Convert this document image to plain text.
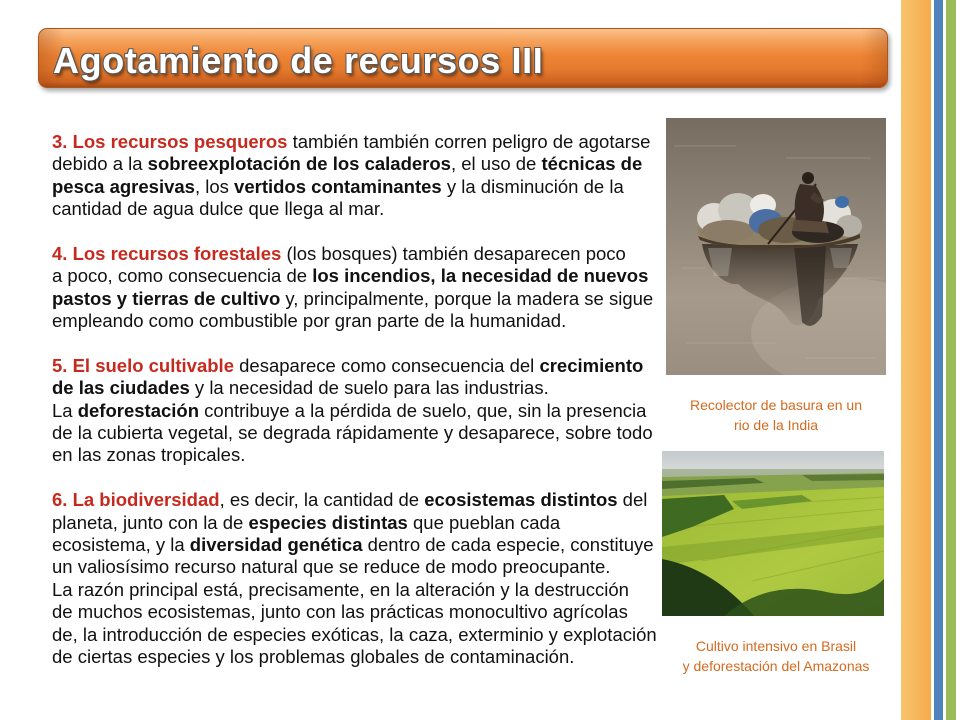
Agotamiento de recursos III
3. Los recursos pesqueros también también corren peligro de agotarse
debido a la sobreexplotación de los caladeros, el uso de técnicas de
pesca agresivas, los vertidos contaminantes y la disminución de la
cantidad de agua dulce que llega al mar.
4. Los recursos forestales (los bosques) también desaparecen poco
a poco, como consecuencia de los incendios, la necesidad de nuevos
pastos y tierras de cultivo y, principalmente, porque la madera se sigue
empleando como combustible por gran parte de la humanidad.
5. El suelo cultivable desaparece como consecuencia del crecimiento
de las ciudades y la necesidad de suelo para las industrias.
La deforestación contribuye a la pérdida de suelo, que, sin la presencia
de la cubierta vegetal, se degrada rápidamente y desaparece, sobre todo
en las zonas tropicales.
6. La biodiversidad, es decir, la cantidad de ecosistemas distintos del
planeta, junto con la de especies distintas que pueblan cada
ecosistema, y la diversidad genética dentro de cada especie, constituye
un valiosísimo recurso natural que se reduce de modo preocupante.
La razón principal está, precisamente, en la alteración y la destrucción
de muchos ecosistemas, junto con las prácticas monocultivo agrícolas
de, la introducción de especies exóticas, la caza, exterminio y explotación
de ciertas especies y los problemas globales de contaminación.
Recolector de basura en un
rio de la India
Cultivo intensivo en Brasil
y deforestación del Amazonas
